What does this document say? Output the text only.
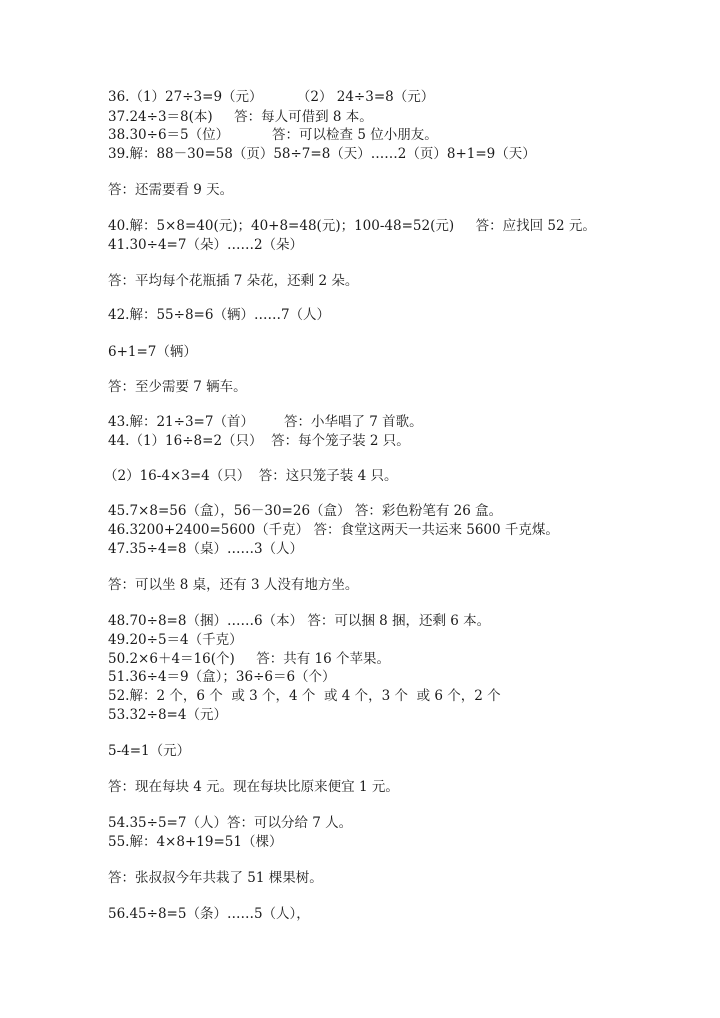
36.（1）27÷3=9（元）        （2） 24÷3=8（元）
37.24÷3＝8(本)     答：每人可借到 8 本。
38.30÷6＝5（位）          答：可以检查 5 位小朋友。
39.解：88－30=58（页）58÷7=8（天）……2（页）8+1=9（天）
答：还需要看 9 天。
40.解：5×8=40(元)；40+8=48(元)；100-48=52(元)     答：应找回 52 元。
41.30÷4=7（朵）……2（朵）
答：平均每个花瓶插 7 朵花，还剩 2 朵。
42.解：55÷8=6（辆）……7（人）
6+1=7（辆）
答：至少需要 7 辆车。
43.解：21÷3=7（首）       答：小华唱了 7 首歌。
44.（1）16÷8=2（只）  答：每个笼子装 2 只。
（2）16-4×3=4（只）  答：这只笼子装 4 只。
45.7×8=56（盒），56－30=26（盒） 答：彩色粉笔有 26 盒。
46.3200+2400=5600（千克） 答：食堂这两天一共运来 5600 千克煤。
47.35÷4=8（桌）……3（人）
答：可以坐 8 桌，还有 3 人没有地方坐。
48.70÷8=8（捆）……6（本） 答：可以捆 8 捆，还剩 6 本。
49.20÷5＝4（千克）
50.2×6＋4＝16(个)     答：共有 16 个苹果。
51.36÷4＝9（盒）；36÷6＝6（个）
52.解：2 个，6 个  或 3 个，4 个  或 4 个，3 个  或 6 个，2 个
53.32÷8=4（元）
5-4=1（元）
答：现在每块 4 元。现在每块比原来便宜 1 元。
54.35÷5=7（人）答：可以分给 7 人。
55.解：4×8+19=51（棵）
答：张叔叔今年共栽了 51 棵果树。
56.45÷8=5（条）……5（人），
